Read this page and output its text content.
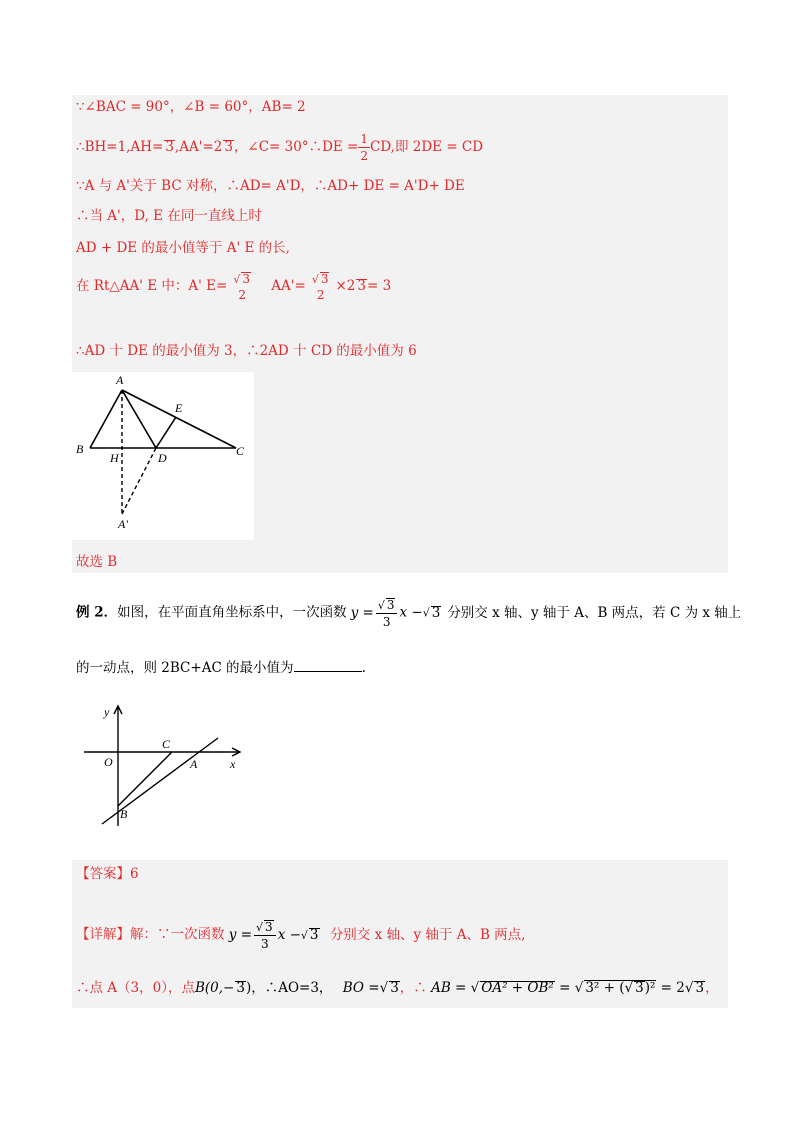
∵∠BAC = 90°，∠B = 60°，AB= 2
∴BH=1,AH= 3,AA'=2 3，∠C= 30°∴DE = $\frac{1}{2}$ CD,即 2DE = CD
∵A 与 A'关于 BC 对称，∴AD= A'D，∴AD+ DE = A'D+ DE
∴当 A'，D, E 在同一直线上时
AD + DE 的最小值等于 A' E 的长,
在 Rt△AA' E 中：A' E= √ 3
2
AA'= √ 3
2
×2 3= 3
∴AD 十 DE 的最小值为 3，∴2AD 十 CD 的最小值为 6
A
E
B
H	D	C
A'
故选 B
例 2．如图，在平面直角坐标系中，一次函数 $y = \frac{√ 3}{3}$ x −√ 3 分别交 x 轴、y 轴于 A、B 两点，若 C 为 x 轴上
的一动点，则 2BC+AC 的最小值为	.
y
C
O	A	x
B
【答案】6
【详解】解：∵一次函数 $y = \frac{√ 3}{3}$ x −√ 3 分别交 x 轴、y 轴于 A、B 两点,
∴点 A（3，0），点B(0,− 3)，∴AO=3， BO =√ 3，∴ AB = √ OA² + OB² = √ 3² + (√ 3)² = 2√ 3，
